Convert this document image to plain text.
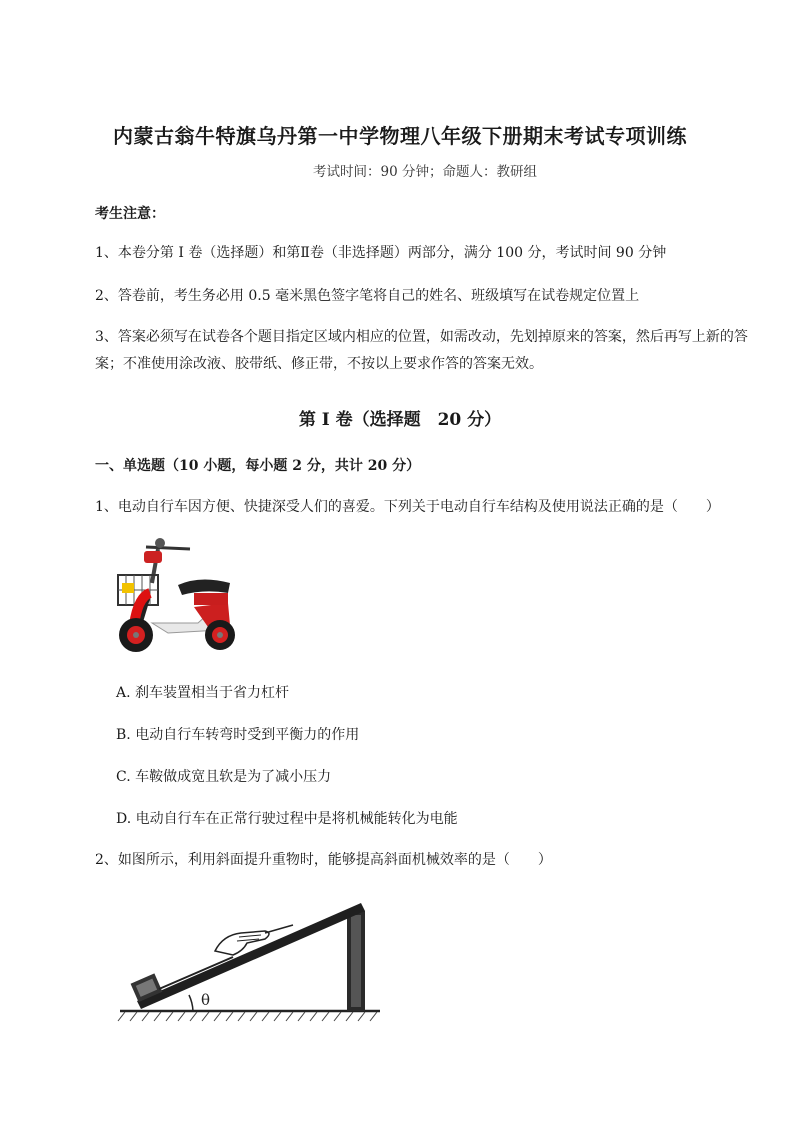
内蒙古翁牛特旗乌丹第一中学物理八年级下册期末考试专项训练
考试时间：90 分钟；命题人：教研组
考生注意：
1、本卷分第 I 卷（选择题）和第Ⅱ卷（非选择题）两部分，满分 100 分，考试时间 90 分钟
2、答卷前，考生务必用 0.5 毫米黑色签字笔将自己的姓名、班级填写在试卷规定位置上
3、答案必须写在试卷各个题目指定区域内相应的位置，如需改动，先划掉原来的答案，然后再写上新的答案；不准使用涂改液、胶带纸、修正带，不按以上要求作答的答案无效。
第 I 卷（选择题　20 分）
一、单选题（10 小题，每小题 2 分，共计 20 分）
1、电动自行车因方便、快捷深受人们的喜爱。下列关于电动自行车结构及使用说法正确的是（　　）
A. 刹车装置相当于省力杠杆
B. 电动自行车转弯时受到平衡力的作用
C. 车鞍做成宽且软是为了减小压力
D. 电动自行车在正常行驶过程中是将机械能转化为电能
2、如图所示，利用斜面提升重物时，能够提高斜面机械效率的是（　　）
θ
